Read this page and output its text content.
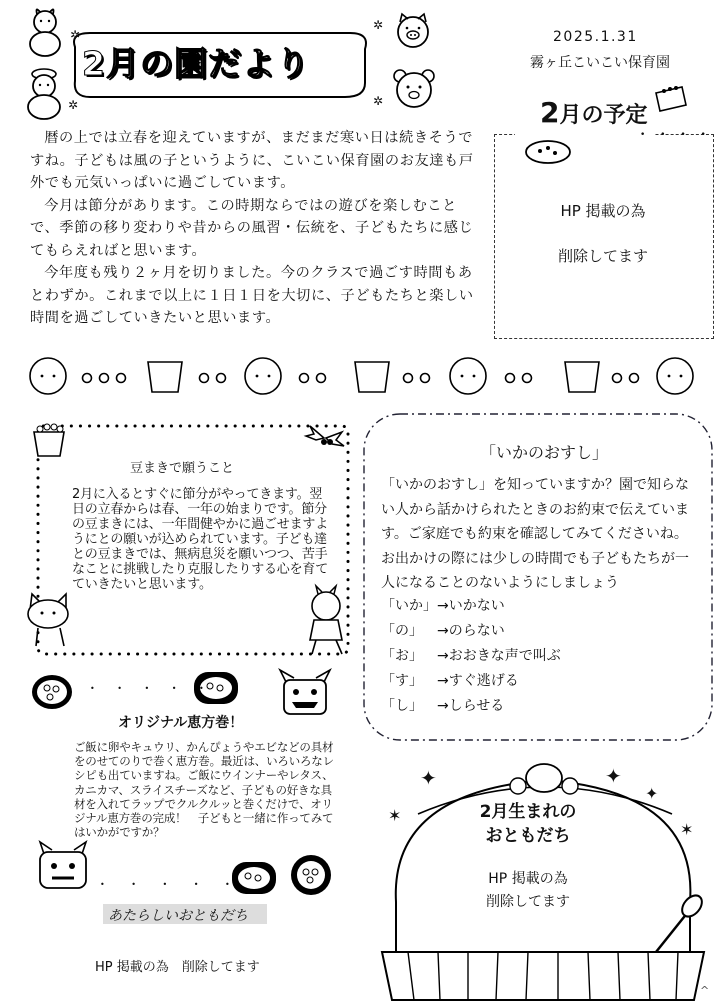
2月の園だより
✲
✲
✲
✲
2025.1.31
霧ヶ丘こいこい保育園

暦の上では立春を迎えていますが、まだまだ寒い日は続きそうですね。子どもは風の子というように、こいこい保育園のお友達も戸外でも元気いっぱいに過ごしています。

今月は節分があります。この時期ならではの遊びを楽しむことで、季節の移り変わりや昔からの風習・伝統を、子どもたちに感じてもらえればと思います。

今年度も残り２ヶ月を切りました。今のクラスで過ごす時間もあとわずか。これまで以上に１日１日を大切に、子どもたちと楽しい時間を過ごしていきたいと思います。

2月の予定
• • • •
HP 掲載の為
削除してます
豆まきで願うこと
2月に入るとすぐに節分がやってきます。翌日の立春からは春、一年の始まりです。節分の豆まきには、一年間健やかに過ごせますようにとの願いが込められています。子ども達との豆まきでは、無病息災を願いつつ、苦手なことに挑戦したり克服したりする心を育てていきたいと思います。
• • • • •
オリジナル恵方巻！
ご飯に卵やキュウリ、かんぴょうやエビなどの具材をのせてのりで巻く恵方巻。最近は、いろいろなレシピも出ていますね。ご飯にウインナーやレタス、カニカマ、スライスチーズなど、子どもの好きな具材を入れてラップでクルクルッと巻くだけで、オリジナル恵方巻の完成！　子どもと一緒に作ってみてはいかがですか？
• • • • •
あたらしいおともだち
HP 掲載の為　削除してます
「いかのおすし」
「いかのおすし」を知っていますか？園で知らない人から話かけられたときのお約束で伝えています。ご家庭でも約束を確認してみてくださいね。お出かけの際には少しの時間でも子どもたちが一人になることのないようにしましょう
「いか」→いかない
「の」 →のらない
「お」 →おおきな声で叫ぶ
「す」 →すぐ逃げる
「し」 →しらせる
✦	✦
✶
✦
✶
2月生まれの
おともだち
HP 掲載の為
削除してます
^
